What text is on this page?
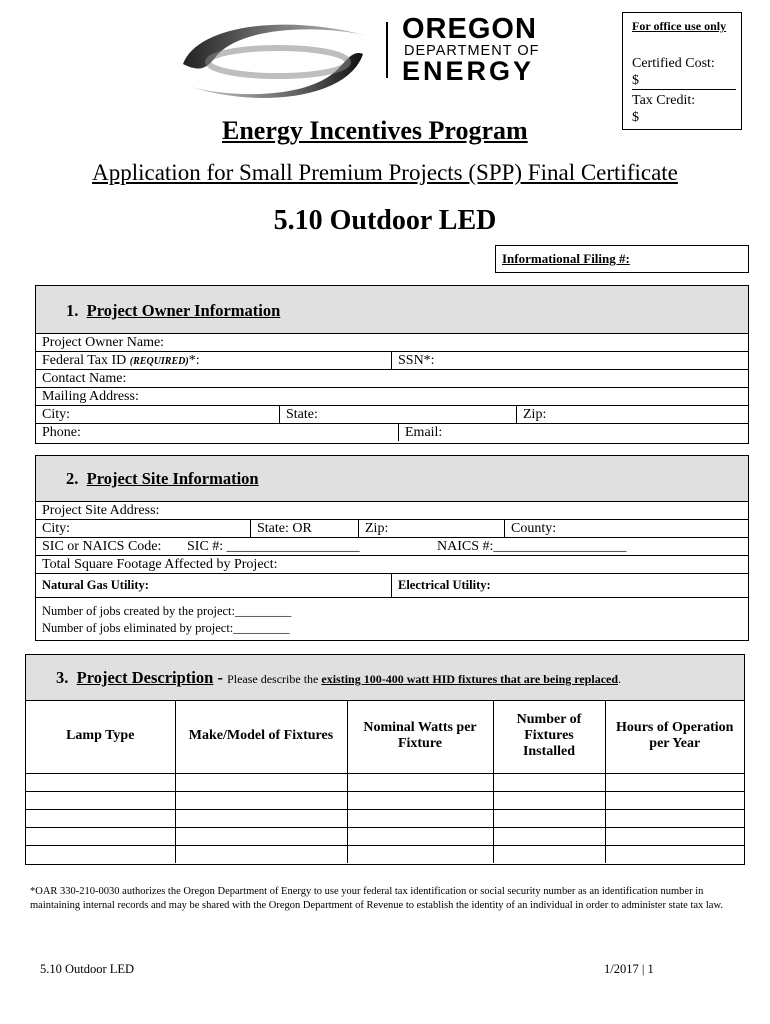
OREGON
DEPARTMENT OF
ENERGY
For office use only
Certified Cost:
$
Tax Credit:
$
Energy Incentives Program
Application for Small Premium Projects (SPP) Final Certificate
5.10 Outdoor LED
Informational Filing #:
1. Project Owner Information
Project Owner Name:
Federal Tax ID (REQUIRED)*:	SSN*:
Contact Name:
Mailing Address:
City:	State:	Zip:
Phone:	Email:
2. Project Site Information
Project Site Address:
City:	State: OR	Zip:	County:
SIC or NAICS Code:	SIC #: ___________________	NAICS #:___________________
Total Square Footage Affected by Project:
Natural Gas Utility:	Electrical Utility:
Number of jobs created by the project:_________
Number of jobs eliminated by project:_________
3. Project Description - Please describe the existing 100-400 watt HID fixtures that are being replaced.
Lamp Type	Make/Model of Fixtures	Nominal Watts per Fixture	Number of Fixtures Installed	Hours of Operation per Year

*OAR 330-210-0030 authorizes the Oregon Department of Energy to use your federal tax identification or social security number as an identification number in maintaining internal records and may be shared with the Oregon Department of Revenue to establish the identity of an individual in order to administer state tax law.
5.10 Outdoor LED	1/2017 | 1
